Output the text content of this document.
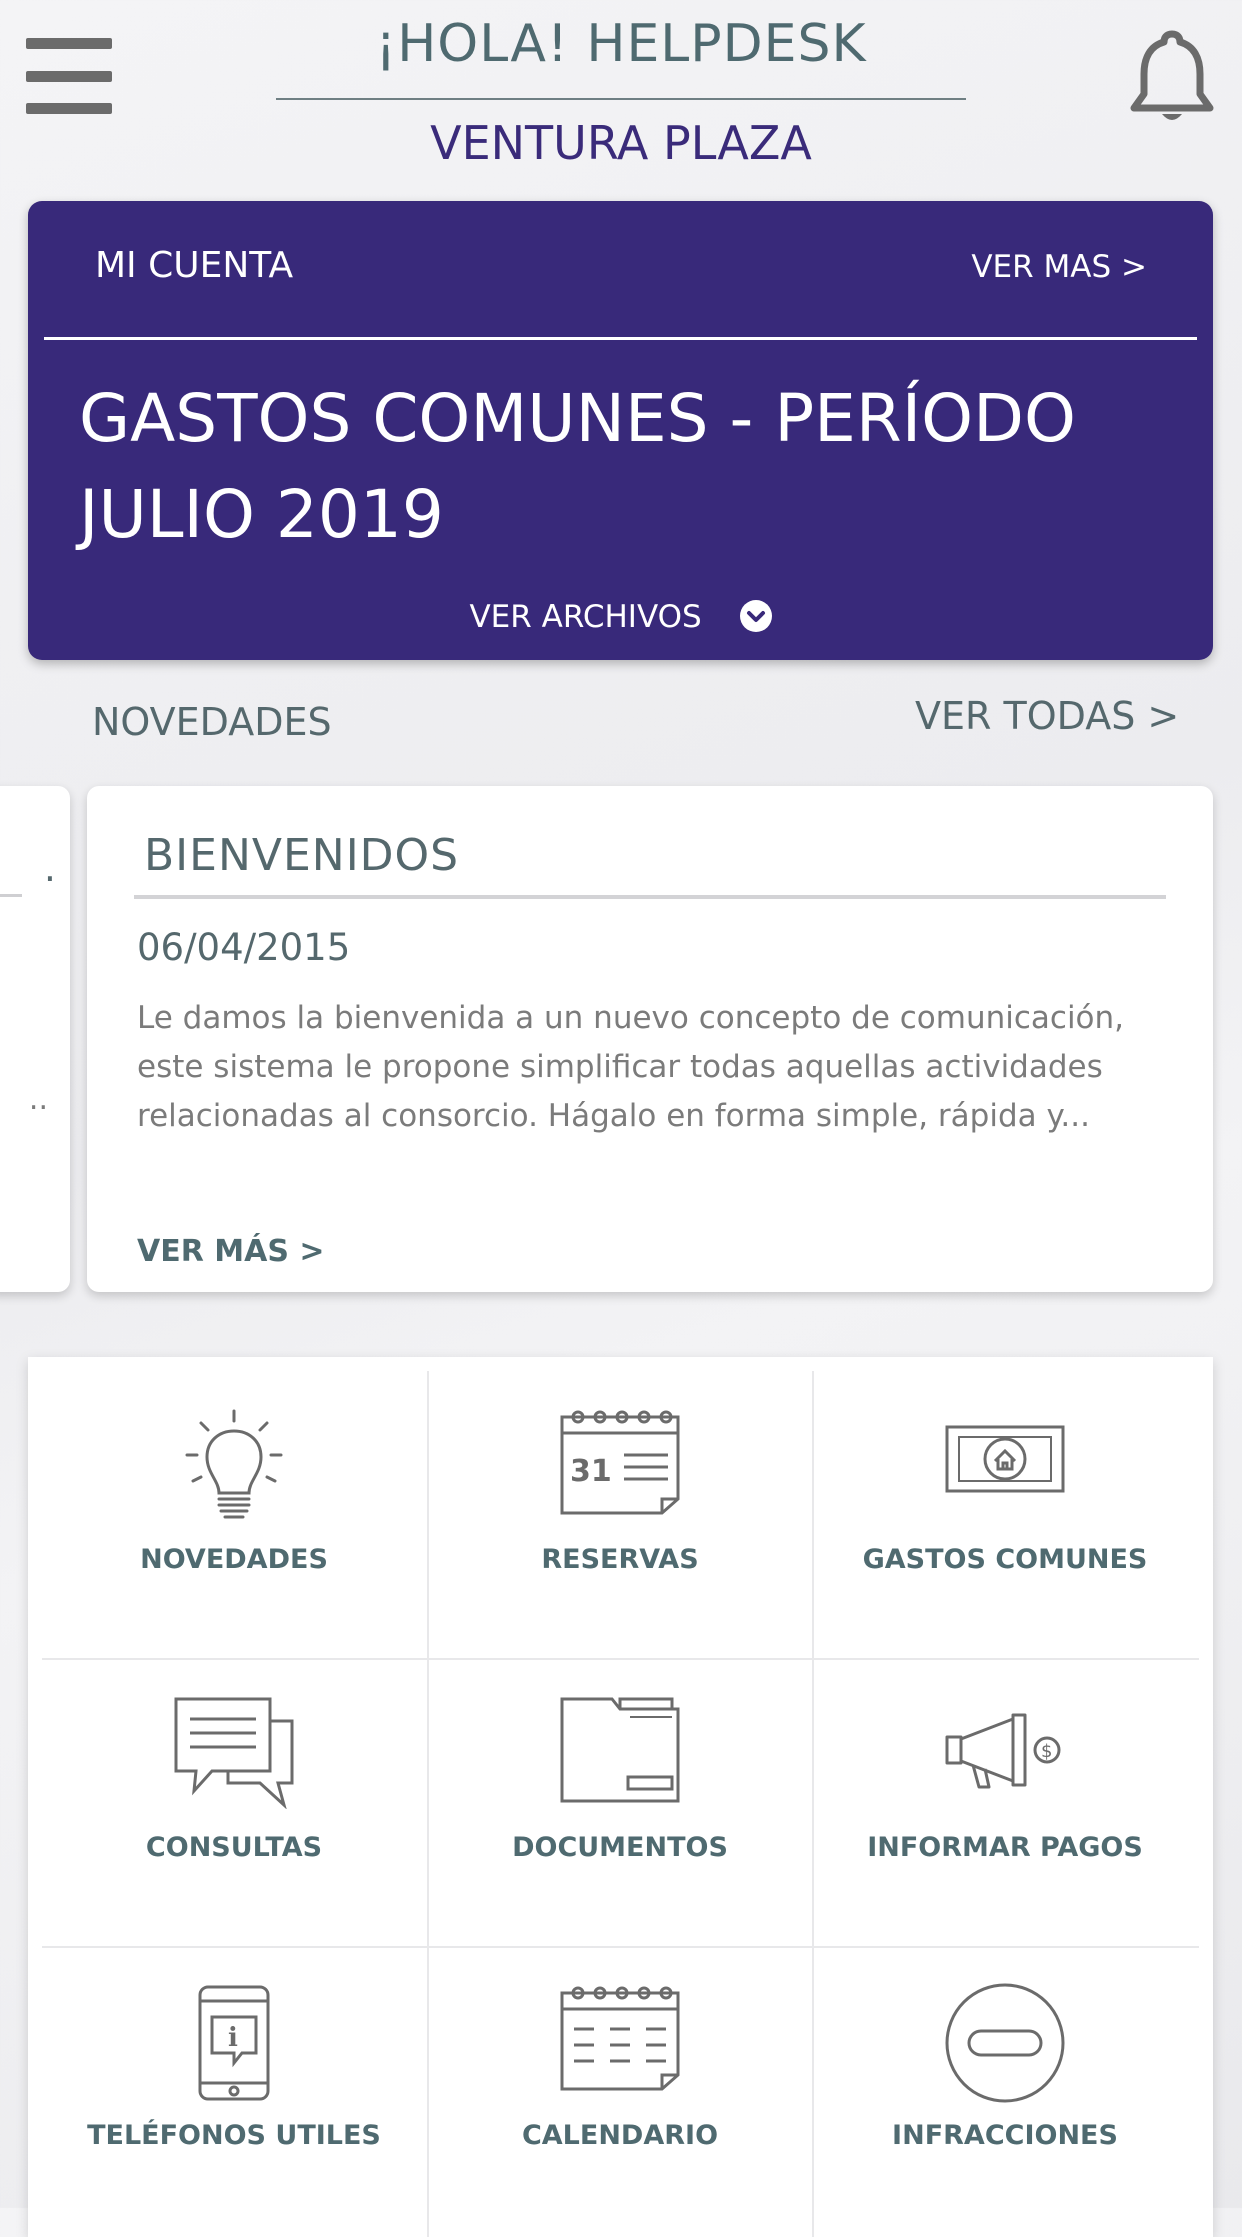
¡HOLA! HELPDESK
VENTURA PLAZA
MI CUENTA	VER MAS >
GASTOS COMUNES - PERÍODO
JULIO 2019
VER ARCHIVOS
NOVEDADES	VER TODAS >
.
..
BIENVENIDOS
06/04/2015
Le damos la bienvenida a un nuevo concepto de comunicación, este sistema le propone simplificar todas aquellas actividades relacionadas al consorcio. Hágalo en forma simple, rápida y...
VER MÁS >
NOVEDADES
31
RESERVAS	GASTOS COMUNES
CONSULTAS	DOCUMENTOS
$
INFORMAR PAGOS
i
TELÉFONOS UTILES	CALENDARIO	INFRACCIONES
